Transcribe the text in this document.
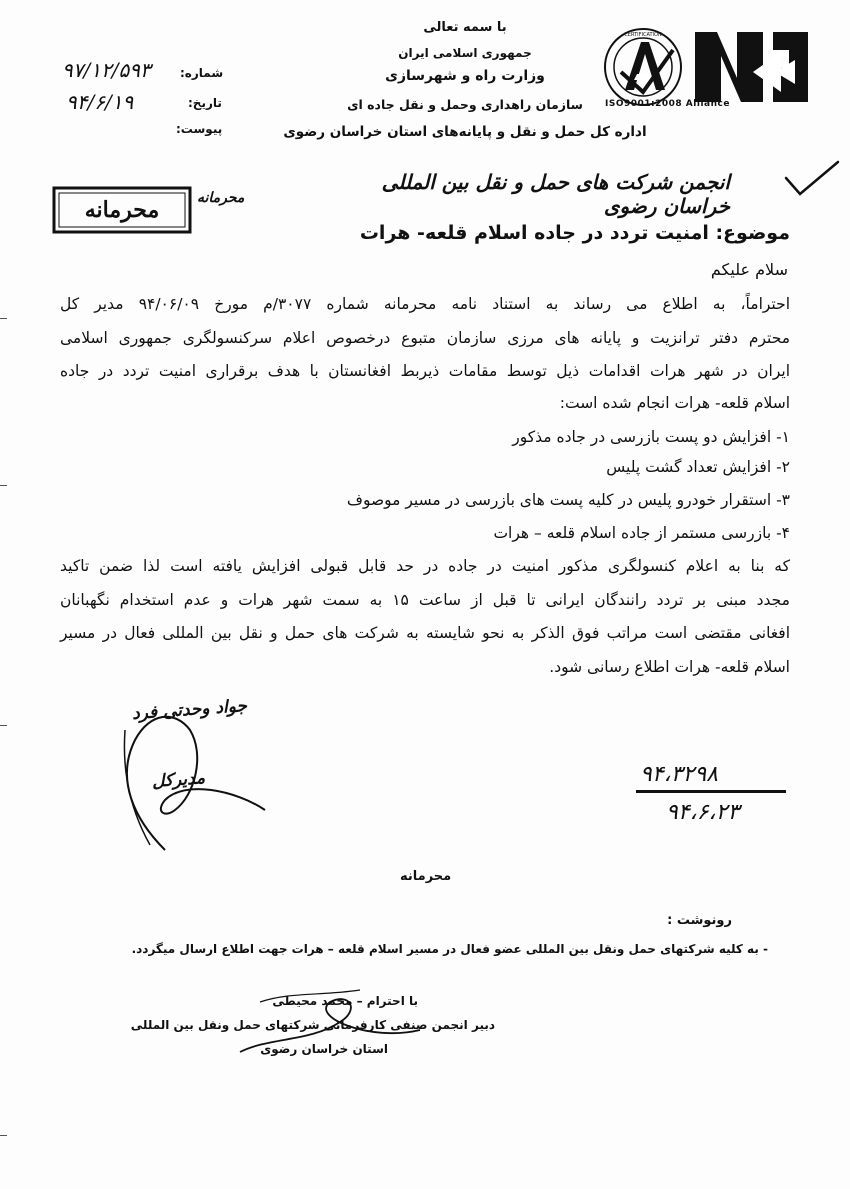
با سمه تعالی
جمهوری اسلامی ایران
وزارت راه و شهرسازی
سازمان راهداری وحمل و نقل جاده ای
اداره کل حمل و نقل و پایانه‌های استان خراسان رضوی
CERTIFICATION
ISO9001:2008 Alliance
شماره:
۹۷/۱۲/۵۹۳
تاریخ:
۹۴/۶/۱۹
پیوست:
انجمن شرکت های حمل و نقل بین المللی خراسان رضوی
محرمانه	محرمانه
موضوع: امنیت تردد در جاده اسلام قلعه- هرات
سلام علیکم
احتراماً، به اطلاع می رساند به استناد نامه محرمانه شماره ۳۰۷۷/م مورخ ۹۴/۰۶/۰۹ مدیر کل
محترم دفتر ترانزیت و پایانه های مرزی سازمان متبوع درخصوص اعلام سرکنسولگری جمهوری اسلامی
ایران در شهر هرات اقدامات ذیل توسط مقامات ذیربط افغانستان با هدف برقراری امنیت تردد در جاده
اسلام قلعه- هرات انجام شده است:
۱- افزایش دو پست بازرسی در جاده مذکور
۲- افزایش تعداد گشت پلیس
۳- استقرار خودرو پلیس در کلیه پست های بازرسی در مسیر موصوف
۴- بازرسی مستمر از جاده اسلام قلعه – هرات
که بنا به اعلام کنسولگری مذکور امنیت در جاده در حد قابل قبولی افزایش یافته است لذا ضمن تاکید
مجدد مبنی بر تردد رانندگان ایرانی تا قبل از ساعت ۱۵ به سمت شهر هرات و عدم استخدام نگهبانان
افغانی مقتضی است مراتب فوق الذکر به نحو شایسته به شرکت های حمل و نقل بین المللی فعال در مسیر
اسلام قلعه- هرات اطلاع رسانی شود.
جواد وحدتی فرد
مدیرکل	۹۴،۳۲۹۸
۹۴،۶،۲۳
محرمانه
رونوشت :
- به کلیه شرکتهای حمل ونقل بین المللی عضو فعال در مسیر اسلام قلعه – هرات جهت اطلاع ارسال میگردد.
با احترام – محمد محیطی
دبیر انجمن صنفی کارفرمائی شرکتهای حمل ونقل بین المللی
استان خراسان رضوی
